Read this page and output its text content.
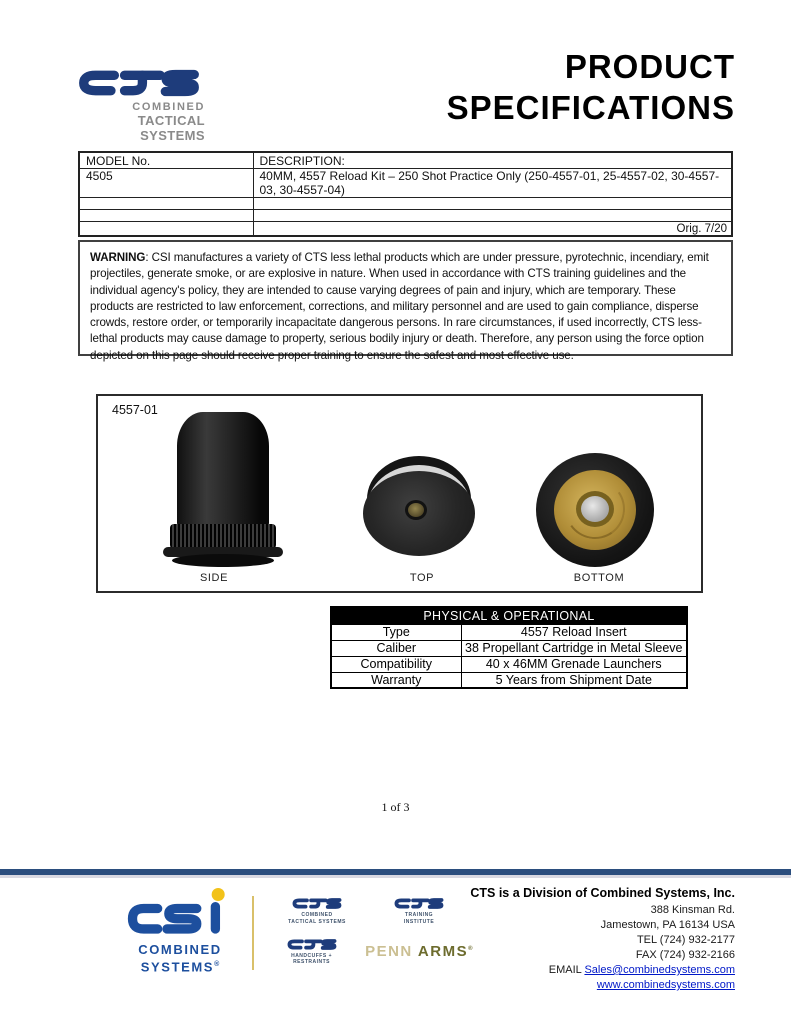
COMBINED
TACTICAL SYSTEMS
PRODUCT
SPECIFICATIONS
MODEL No.	DESCRIPTION:
4505	40MM, 4557 Reload Kit – 250 Shot Practice Only (250-4557-01, 25-4557-02, 30-4557-03, 30-4557-04)

	Orig. 7/20
WARNING: CSI manufactures a variety of CTS less lethal products which are under pressure, pyrotechnic, incendiary, emit projectiles, generate smoke, or are explosive in nature. When used in accordance with CTS training guidelines and the individual agency's policy, they are intended to cause varying degrees of pain and injury, which are temporary. These products are restricted to law enforcement, corrections, and military personnel and are used to gain compliance, disperse crowds, restore order, or temporarily incapacitate dangerous persons. In rare circumstances, if used incorrectly, CTS less-lethal products may cause damage to property, serious bodily injury or death. Therefore, any person using the force option depicted on this page should receive proper training to ensure the safest and most effective use.
4557-01
SIDE	TOP	BOTTOM
PHYSICAL & OPERATIONAL	
Type	4557 Reload Insert
Caliber	38 Propellant Cartridge in Metal Sleeve
Compatibility	40 x 46MM Grenade Launchers
Warranty	5 Years from Shipment Date
1 of 3
COMBINED
SYSTEMS®
COMBINED
TACTICAL SYSTEMS
TRAINING
INSTITUTE
HANDCUFFS + RESTRAINTS
PENN ARMS®
CTS is a Division of Combined Systems, Inc.
388 Kinsman Rd.
Jamestown, PA 16134 USA
TEL (724) 932-2177
FAX (724) 932-2166
EMAIL Sales@combinedsystems.com
www.combinedsystems.com
